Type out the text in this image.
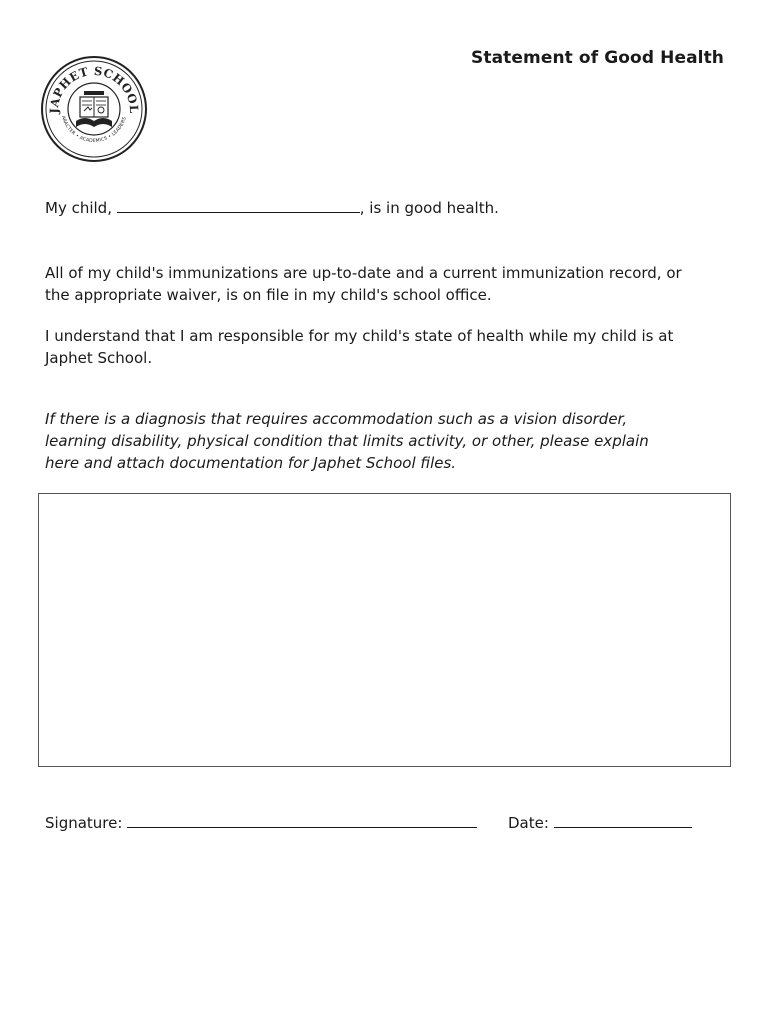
JAPHET SCHOOL
ARACTER • ACADEMICS • LEADERS
Statement of Good Health
My child,	, is in good health.
All of my child's immunizations are up-to-date and a current immunization record, or
the appropriate waiver, is on file in my child's school office.
I understand that I am responsible for my child's state of health while my child is at
Japhet School.
If there is a diagnosis that requires accommodation such as a vision disorder,
learning disability, physical condition that limits activity, or other, please explain
here and attach documentation for Japhet School files.
Signature:	Date:
